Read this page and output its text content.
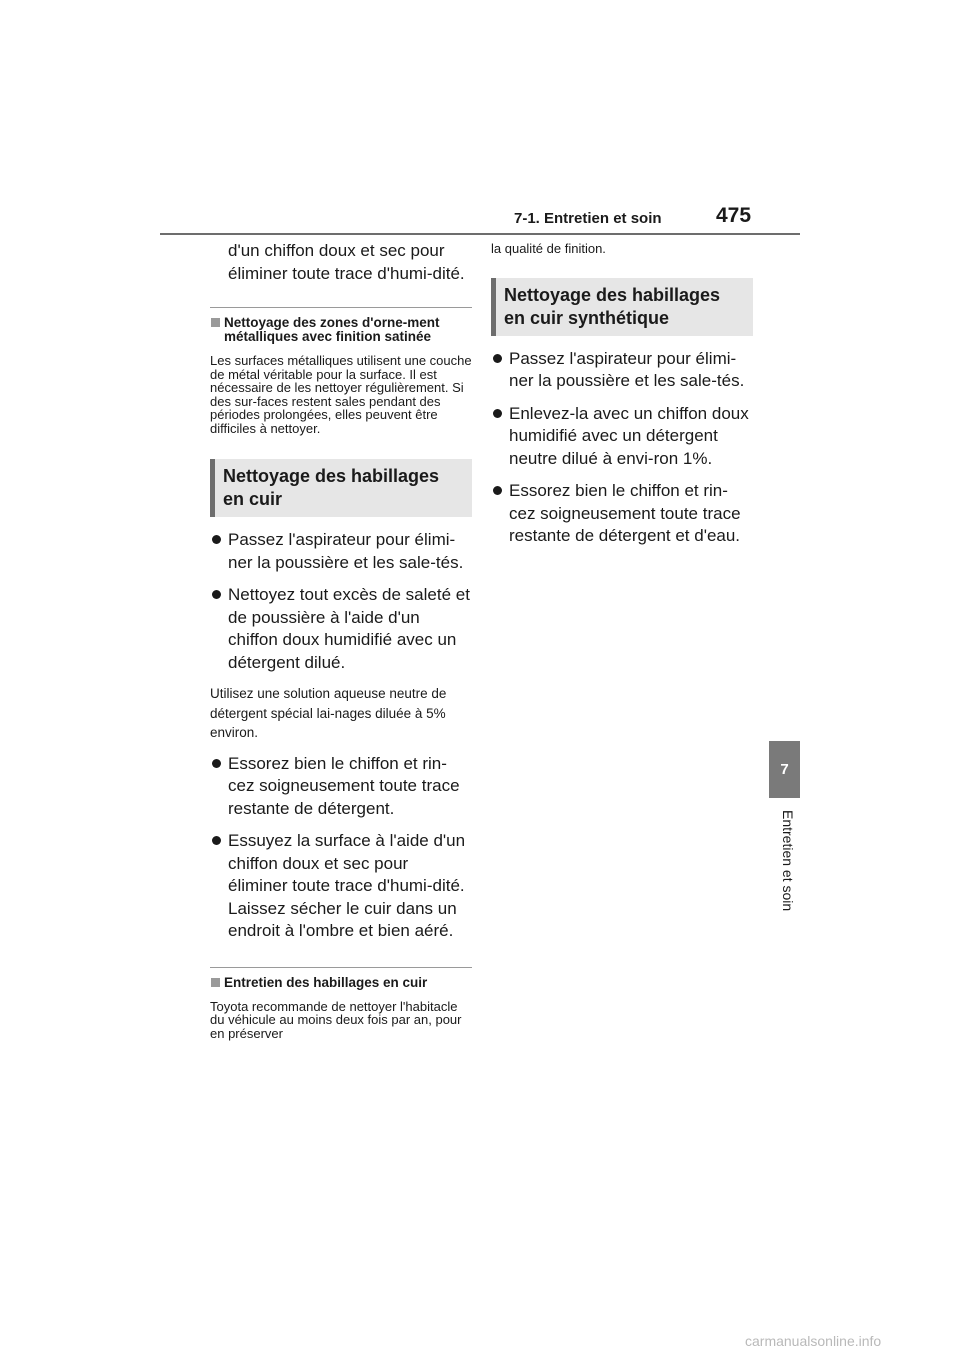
7-1. Entretien et soin	475
7
Entretien et soin

d'un chiffon doux et sec pour éliminer toute trace d'humi-dité.

Nettoyage des zones d'orne-ment métalliques avec finition satinée

Les surfaces métalliques utilisent une couche de métal véritable pour la surface. Il est nécessaire de les nettoyer régulièrement. Si des sur-faces restent sales pendant des périodes prolongées, elles peuvent être difficiles à nettoyer.

Nettoyage des habillages en cuir
Passez l'aspirateur pour élimi-ner la poussière et les sale-tés.
Nettoyez tout excès de saleté et de poussière à l'aide d'un chiffon doux humidifié avec un détergent dilué.

Utilisez une solution aqueuse neutre de détergent spécial lai-nages diluée à 5% environ.

Essorez bien le chiffon et rin-cez soigneusement toute trace restante de détergent.
Essuyez la surface à l'aide d'un chiffon doux et sec pour éliminer toute trace d'humi-dité. Laissez sécher le cuir dans un endroit à l'ombre et bien aéré.
Entretien des habillages en cuir

Toyota recommande de nettoyer l'habitacle du véhicule au moins deux fois par an, pour en préserver

la qualité de finition.

Nettoyage des habillages en cuir synthétique
Passez l'aspirateur pour élimi-ner la poussière et les sale-tés.
Enlevez-la avec un chiffon doux humidifié avec un détergent neutre dilué à envi-ron 1%.
Essorez bien le chiffon et rin-cez soigneusement toute trace restante de détergent et d'eau.
carmanualsonline.info
